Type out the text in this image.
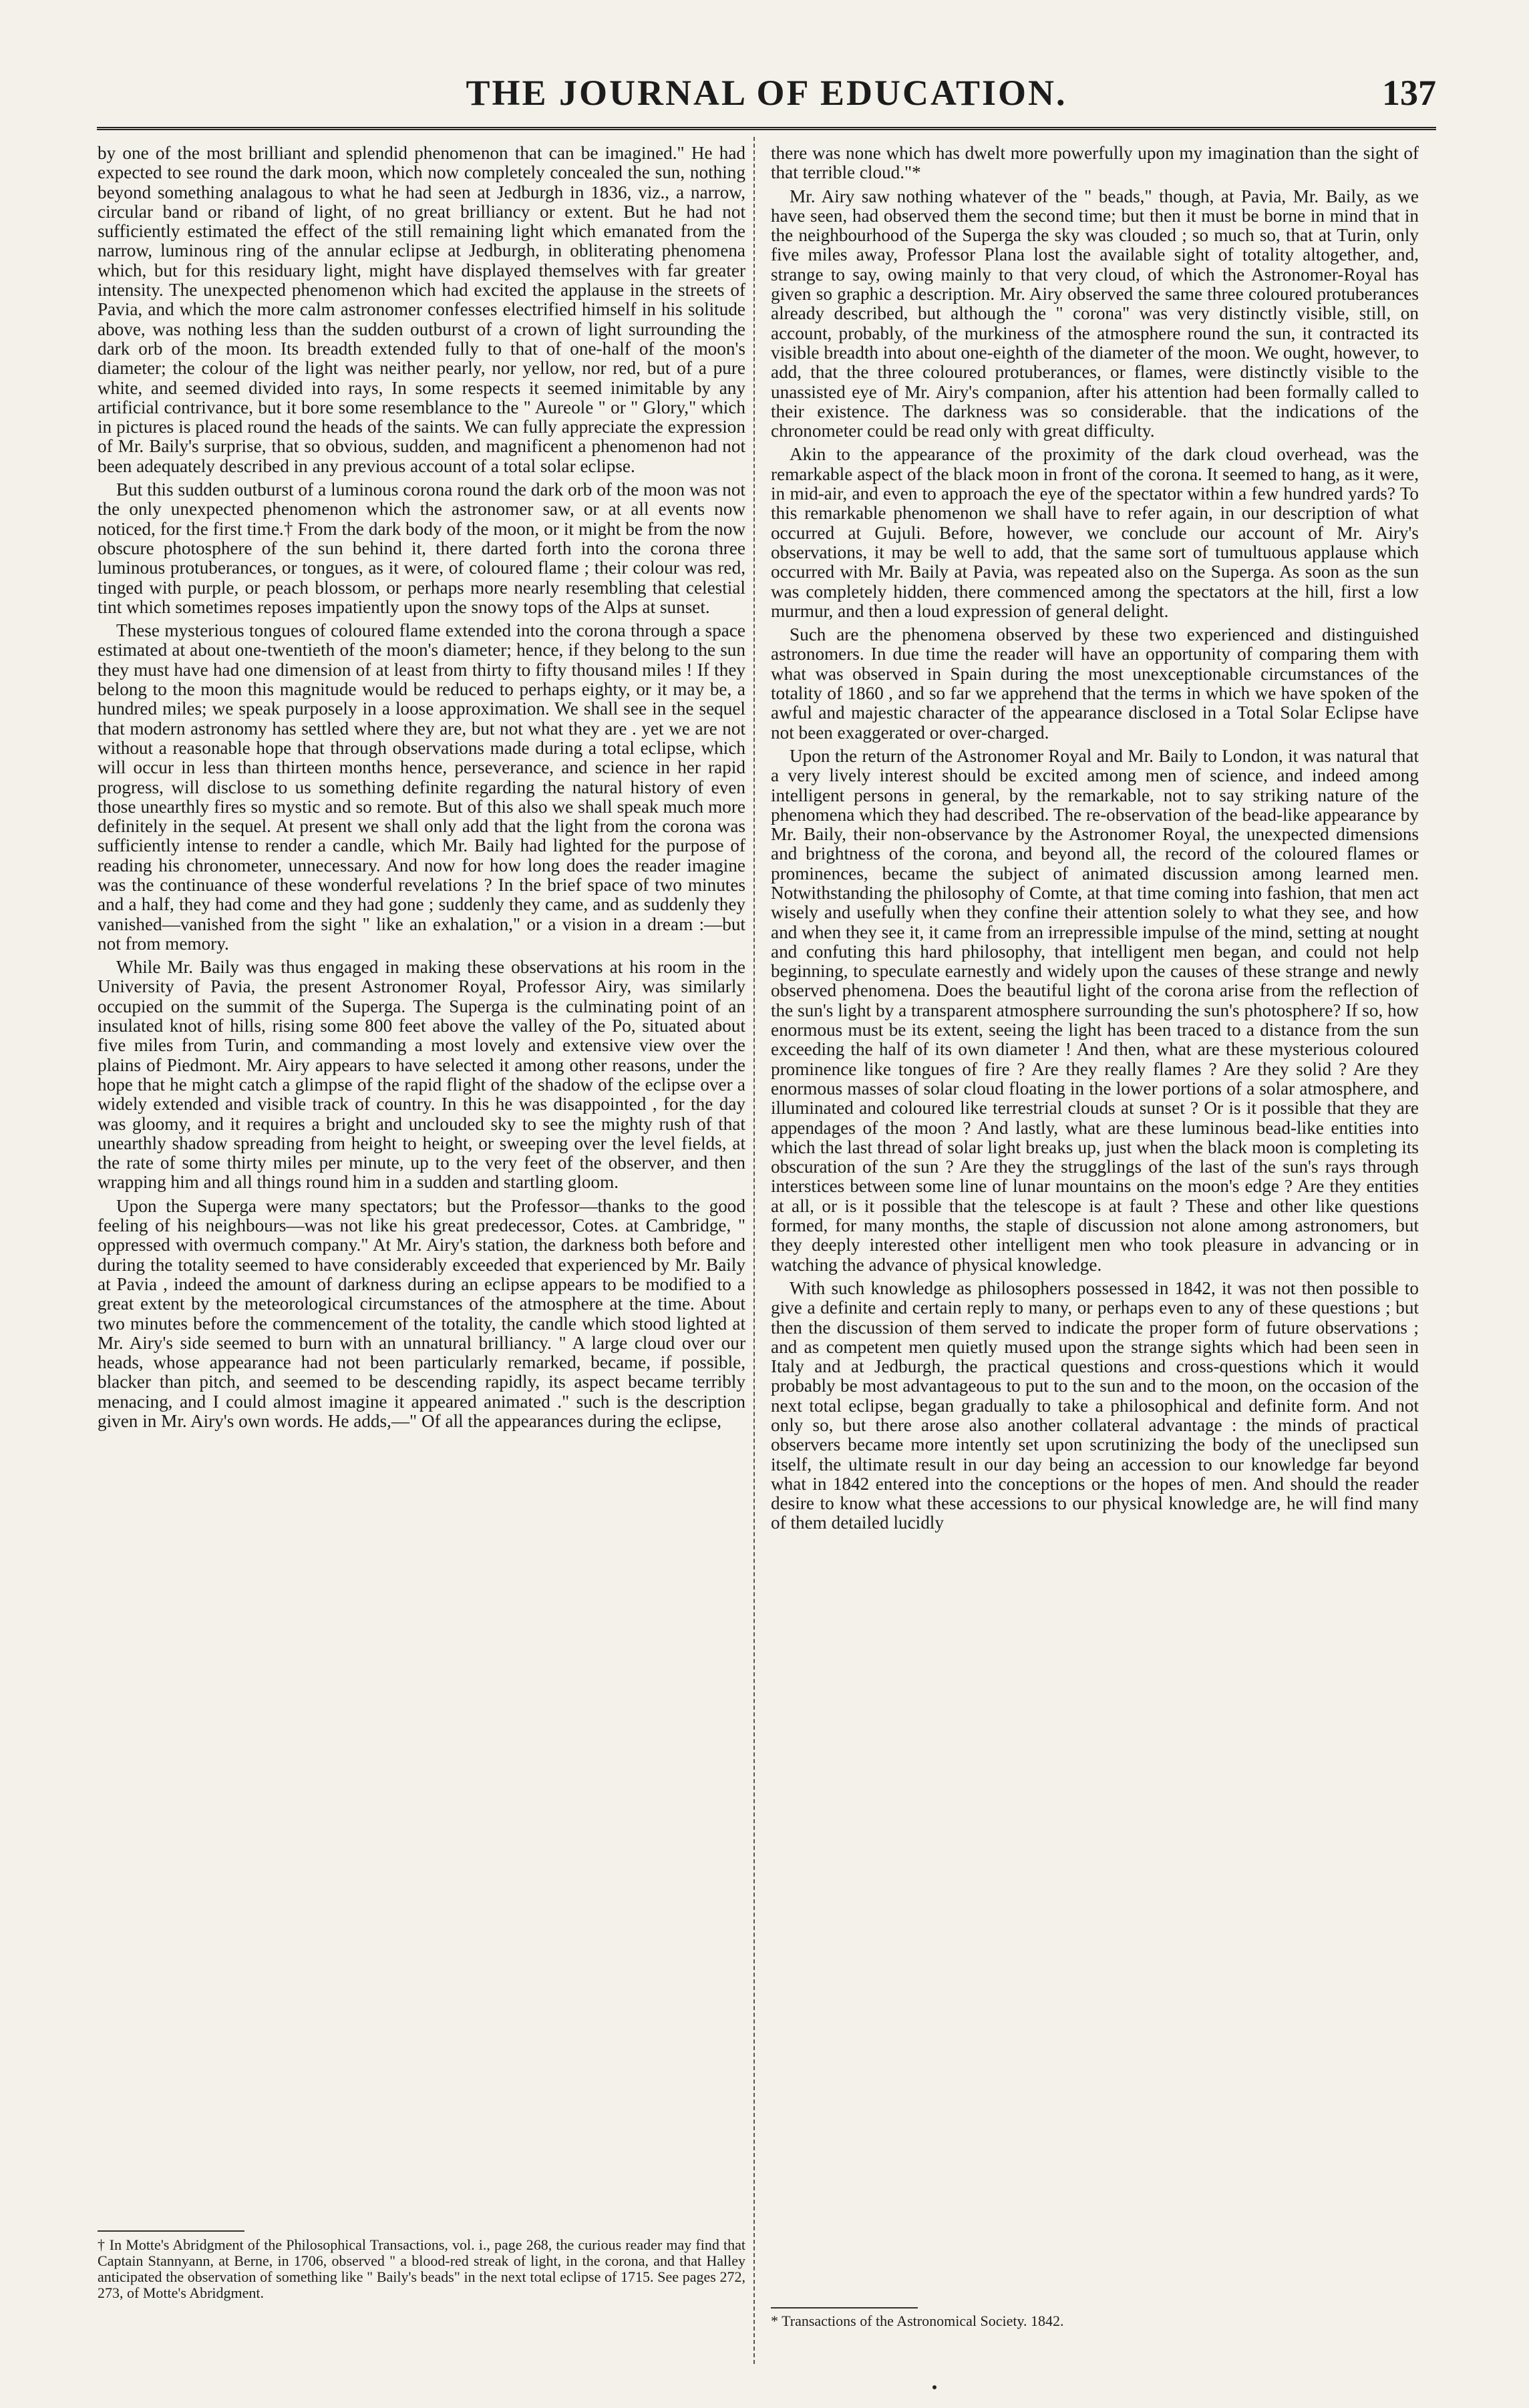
THE JOURNAL OF EDUCATION.	137

by one of the most brilliant and splendid phenomenon that can be imagined." He had expected to see round the dark moon, which now completely concealed the sun, nothing beyond something analagous to what he had seen at Jedburgh in 1836, viz., a narrow, circular band or riband of light, of no great brilliancy or extent. But he had not sufficiently estimated the effect of the still remaining light which emanated from the narrow, luminous ring of the annular eclipse at Jedburgh, in obliterating phenomena which, but for this residuary light, might have displayed themselves with far greater intensity. The unexpected phenomenon which had excited the applause in the streets of Pavia, and which the more calm astronomer confesses electrified himself in his solitude above, was nothing less than the sudden outburst of a crown of light surrounding the dark orb of the moon. Its breadth extended fully to that of one-half of the moon's diameter; the colour of the light was neither pearly, nor yellow, nor red, but of a pure white, and seemed divided into rays, In some respects it seemed inimitable by any artificial contrivance, but it bore some resemblance to the " Aureole " or " Glory," which in pictures is placed round the heads of the saints. We can fully appreciate the expression of Mr. Baily's surprise, that so obvious, sudden, and magnificent a phenomenon had not been adequately described in any previous account of a total solar eclipse.

But this sudden outburst of a luminous corona round the dark orb of the moon was not the only unexpected phenomenon which the astronomer saw, or at all events now noticed, for the first time.† From the dark body of the moon, or it might be from the now obscure photosphere of the sun behind it, there darted forth into the corona three luminous protuberances, or tongues, as it were, of coloured flame ; their colour was red, tinged with purple, or peach blossom, or perhaps more nearly resembling that celestial tint which sometimes reposes impatiently upon the snowy tops of the Alps at sunset.

These mysterious tongues of coloured flame extended into the corona through a space estimated at about one-twentieth of the moon's diameter; hence, if they belong to the sun they must have had one dimension of at least from thirty to fifty thousand miles ! If they belong to the moon this magnitude would be reduced to perhaps eighty, or it may be, a hundred miles; we speak purposely in a loose approximation. We shall see in the sequel that modern astronomy has settled where they are, but not what they are . yet we are not without a reasonable hope that through observations made during a total eclipse, which will occur in less than thirteen months hence, perseverance, and science in her rapid progress, will disclose to us something definite regarding the natural history of even those unearthly fires so mystic and so remote. But of this also we shall speak much more definitely in the sequel. At present we shall only add that the light from the corona was sufficiently intense to render a candle, which Mr. Baily had lighted for the purpose of reading his chronometer, unnecessary. And now for how long does the reader imagine was the continuance of these wonderful revelations ? In the brief space of two minutes and a half, they had come and they had gone ; suddenly they came, and as suddenly they vanished—vanished from the sight " like an exhalation," or a vision in a dream :—but not from memory.

While Mr. Baily was thus engaged in making these observations at his room in the University of Pavia, the present Astronomer Royal, Professor Airy, was similarly occupied on the summit of the Superga. The Superga is the culminating point of an insulated knot of hills, rising some 800 feet above the valley of the Po, situated about five miles from Turin, and commanding a most lovely and extensive view over the plains of Piedmont. Mr. Airy appears to have selected it among other reasons, under the hope that he might catch a glimpse of the rapid flight of the shadow of the eclipse over a widely extended and visible track of country. In this he was disappointed , for the day was gloomy, and it requires a bright and unclouded sky to see the mighty rush of that unearthly shadow spreading from height to height, or sweeping over the level fields, at the rate of some thirty miles per minute, up to the very feet of the observer, and then wrapping him and all things round him in a sudden and startling gloom.

Upon the Superga were many spectators; but the Professor—thanks to the good feeling of his neighbours—was not like his great predecessor, Cotes. at Cambridge, " oppressed with overmuch company." At Mr. Airy's station, the darkness both before and during the totality seemed to have considerably exceeded that experienced by Mr. Baily at Pavia , indeed the amount of darkness during an eclipse appears to be modified to a great extent by the meteorological circumstances of the atmosphere at the time. About two minutes before the commencement of the totality, the candle which stood lighted at Mr. Airy's side seemed to burn with an unnatural brilliancy. " A large cloud over our heads, whose appearance had not been particularly remarked, became, if possible, blacker than pitch, and seemed to be descending rapidly, its aspect became terribly menacing, and I could almost imagine it appeared animated ." such is the description given in Mr. Airy's own words. He adds,—" Of all the appearances during the eclipse,

there was none which has dwelt more powerfully upon my imagination than the sight of that terrible cloud."*

Mr. Airy saw nothing whatever of the " beads," though, at Pavia, Mr. Baily, as we have seen, had observed them the second time; but then it must be borne in mind that in the neighbourhood of the Superga the sky was clouded ; so much so, that at Turin, only five miles away, Professor Plana lost the available sight of totality altogether, and, strange to say, owing mainly to that very cloud, of which the Astronomer-Royal has given so graphic a description. Mr. Airy observed the same three coloured protuberances already described, but although the " corona" was very distinctly visible, still, on account, probably, of the murkiness of the atmosphere round the sun, it contracted its visible breadth into about one-eighth of the diameter of the moon. We ought, however, to add, that the three coloured protuberances, or flames, were distinctly visible to the unassisted eye of Mr. Airy's companion, after his attention had been formally called to their existence. The darkness was so considerable. that the indications of the chronometer could be read only with great difficulty.

Akin to the appearance of the proximity of the dark cloud overhead, was the remarkable aspect of the black moon in front of the corona. It seemed to hang, as it were, in mid-air, and even to approach the eye of the spectator within a few hundred yards? To this remarkable phenomenon we shall have to refer again, in our description of what occurred at Gujuli. Before, however, we conclude our account of Mr. Airy's observations, it may be well to add, that the same sort of tumultuous applause which occurred with Mr. Baily at Pavia, was repeated also on the Superga. As soon as the sun was completely hidden, there commenced among the spectators at the hill, first a low murmur, and then a loud expression of general delight.

Such are the phenomena observed by these two experienced and distinguished astronomers. In due time the reader will have an opportunity of comparing them with what was observed in Spain during the most unexceptionable circumstances of the totality of 1860 , and so far we apprehend that the terms in which we have spoken of the awful and majestic character of the appearance disclosed in a Total Solar Eclipse have not been exaggerated or over-charged.

Upon the return of the Astronomer Royal and Mr. Baily to London, it was natural that a very lively interest should be excited among men of science, and indeed among intelligent persons in general, by the remarkable, not to say striking nature of the phenomena which they had described. The re-observation of the bead-like appearance by Mr. Baily, their non-observance by the Astronomer Royal, the unexpected dimensions and brightness of the corona, and beyond all, the record of the coloured flames or prominences, became the subject of animated discussion among learned men. Notwithstanding the philosophy of Comte, at that time coming into fashion, that men act wisely and usefully when they confine their attention solely to what they see, and how and when they see it, it came from an irrepressible impulse of the mind, setting at nought and confuting this hard philosophy, that intelligent men began, and could not help beginning, to speculate earnestly and widely upon the causes of these strange and newly observed phenomena. Does the beautiful light of the corona arise from the reflection of the sun's light by a transparent atmosphere surrounding the sun's photosphere? If so, how enormous must be its extent, seeing the light has been traced to a distance from the sun exceeding the half of its own diameter ! And then, what are these mysterious coloured prominence like tongues of fire ? Are they really flames ? Are they solid ? Are they enormous masses of solar cloud floating in the lower portions of a solar atmosphere, and illuminated and coloured like terrestrial clouds at sunset ? Or is it possible that they are appendages of the moon ? And lastly, what are these luminous bead-like entities into which the last thread of solar light breaks up, just when the black moon is completing its obscuration of the sun ? Are they the strugglings of the last of the sun's rays through interstices between some line of lunar mountains on the moon's edge ? Are they entities at all, or is it possible that the telescope is at fault ? These and other like questions formed, for many months, the staple of discussion not alone among astronomers, but they deeply interested other intelligent men who took pleasure in advancing or in watching the advance of physical knowledge.

With such knowledge as philosophers possessed in 1842, it was not then possible to give a definite and certain reply to many, or perhaps even to any of these questions ; but then the discussion of them served to indicate the proper form of future observations ; and as competent men quietly mused upon the strange sights which had been seen in Italy and at Jedburgh, the practical questions and cross-questions which it would probably be most advantageous to put to the sun and to the moon, on the occasion of the next total eclipse, began gradually to take a philosophical and definite form. And not only so, but there arose also another collateral advantage : the minds of practical observers became more intently set upon scrutinizing the body of the uneclipsed sun itself, the ultimate result in our day being an accession to our knowledge far beyond what in 1842 entered into the conceptions or the hopes of men. And should the reader desire to know what these accessions to our physical knowledge are, he will find many of them detailed lucidly

† In Motte's Abridgment of the Philosophical Transactions, vol. i., page 268, the curious reader may find that Captain Stannyann, at Berne, in 1706, observed " a blood-red streak of light, in the corona, and that Halley anticipated the observation of something like " Baily's beads" in the next total eclipse of 1715. See pages 272, 273, of Motte's Abridgment.

* Transactions of the Astronomical Society. 1842.
